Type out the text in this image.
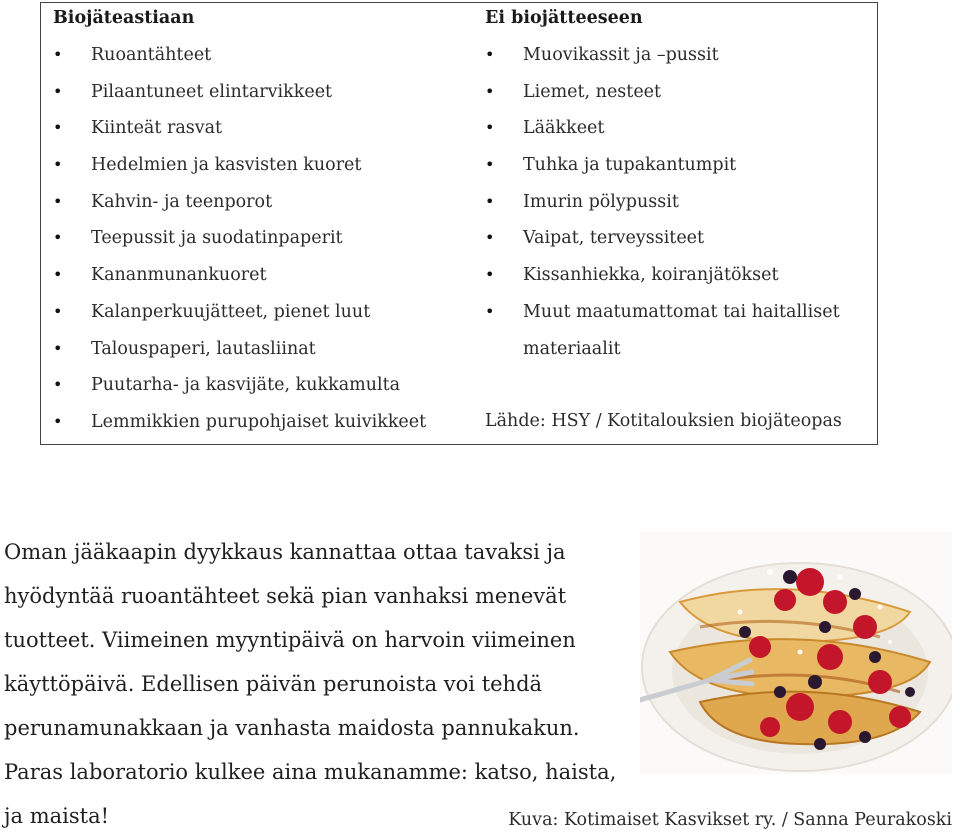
Biojäteastiaan
•
Ruoantähteet
•
Pilaantuneet elintarvikkeet
•
Kiinteät rasvat
•
Hedelmien ja kasvisten kuoret
•
Kahvin- ja teenporot
•
Teepussit ja suodatinpaperit
•
Kananmunankuoret
•
Kalanperkuujätteet, pienet luut
•
Talouspaperi, lautasliinat
•
Puutarha- ja kasvijäte, kukkamulta
•
Lemmikkien purupohjaiset kuivikkeet
Ei biojätteeseen
•
Muovikassit ja –pussit
•
Liemet, nesteet
•
Lääkkeet
•
Tuhka ja tupakantumpit
•
Imurin pölypussit
•
Vaipat, terveyssiteet
•
Kissanhiekka, koiranjätökset
•
Muut maatumattomat tai haitalliset
materiaalit
Lähde: HSY / Kotitalouksien biojäteopas
Oman jääkaapin dyykkaus kannattaa ottaa tavaksi ja
hyödyntää ruoantähteet sekä pian vanhaksi menevät
tuotteet. Viimeinen myyntipäivä on harvoin viimeinen
käyttöpäivä. Edellisen päivän perunoista voi tehdä
perunamunakkaan ja vanhasta maidosta pannukakun.
Paras laboratorio kulkee aina mukanamme: katso, haista,
ja maista!	Kuva: Kotimaiset Kasvikset ry. / Sanna Peurakoski
